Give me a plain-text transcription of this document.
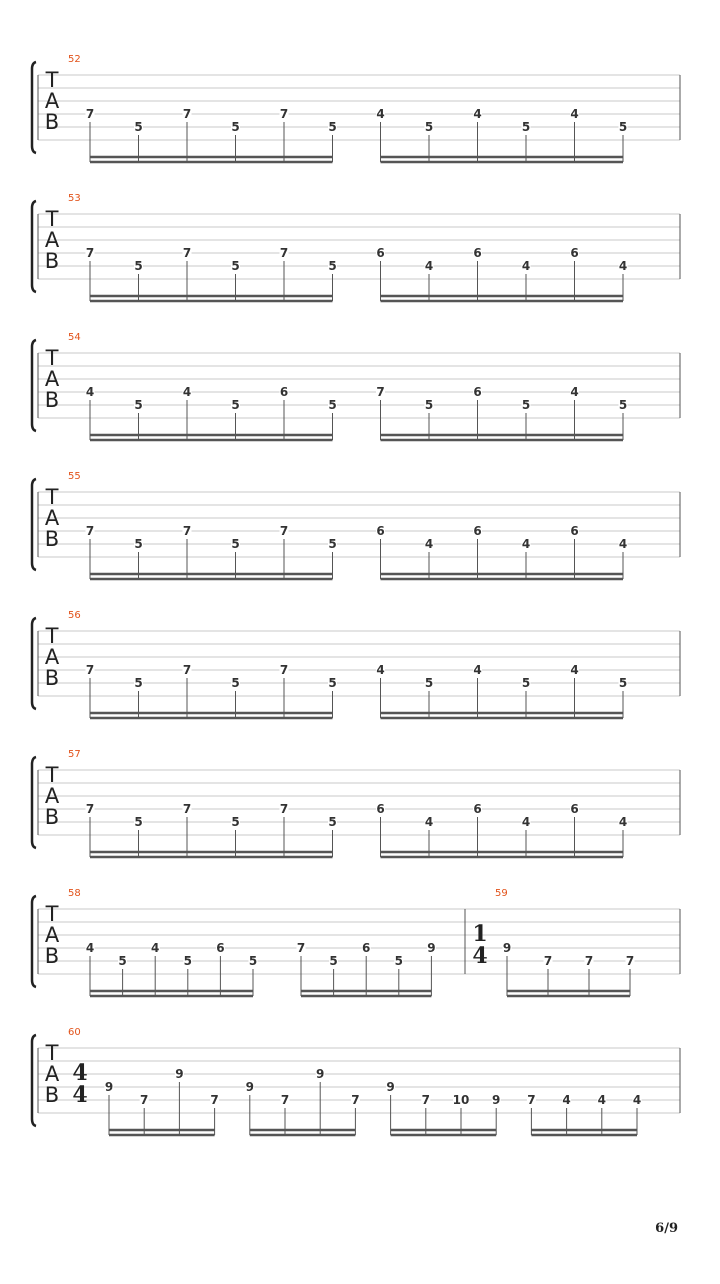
T
A
B
52
7
5
7
5
7
5
4
5
4
5
4
5
T
A
B
53
7
5
7
5
7
5
6
4
6
4
6
4
T
A
B
54
4
5
4
5
6
5
7
5
6
5
4
5
T
A
B
55
7
5
7
5
7
5
6
4
6
4
6
4
T
A
B
56
7
5
7
5
7
5
4
5
4
5
4
5
T
A
B
57
7
5
7
5
7
5
6
4
6
4
6
4
T
A
B
58
4
5
4
5
6
5
7
5
6
5
9
59
1
4 9
7	7	7
T
A
B
60
4
4 9
7
9
7
9
7
9
7
9
7 10 9 7 4 4 4
6/9
